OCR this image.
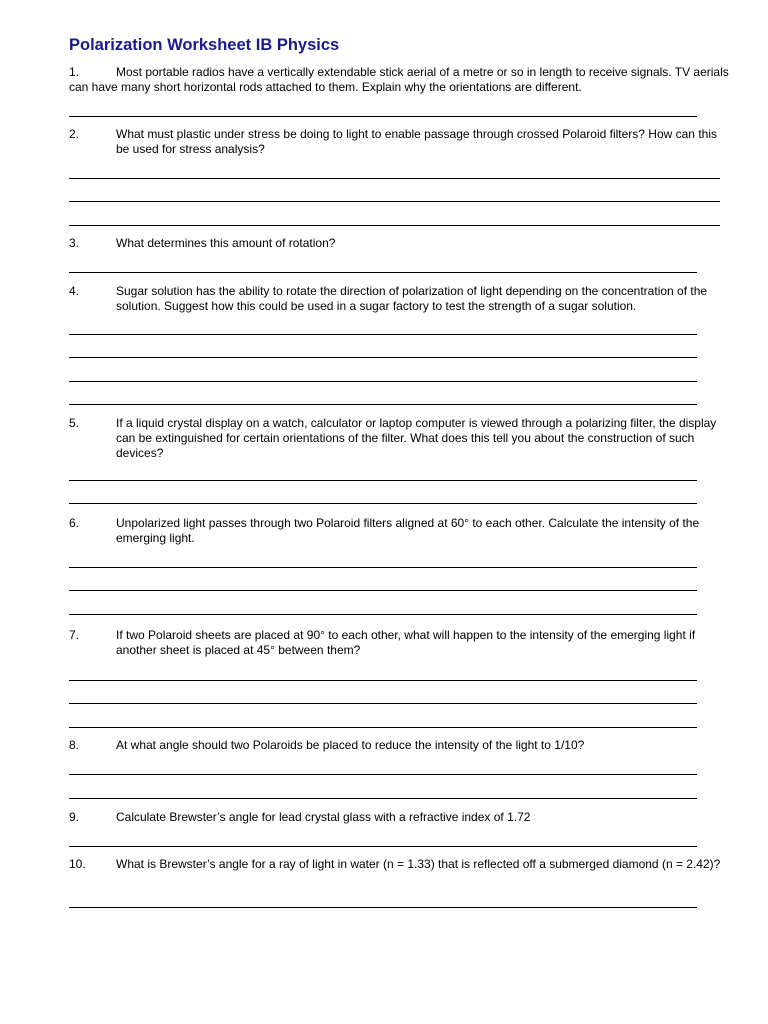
Polarization Worksheet IB Physics

1.	Most portable radios have a vertically extendable stick aerial of a metre or so in length to receive signals. TV aerials can have many short horizontal rods attached to them. Explain why the orientations are different.

2.	What must plastic under stress be doing to light to enable passage through crossed Polaroid filters? How can this be used for stress analysis?

3.	What determines this amount of rotation?

4.	Sugar solution has the ability to rotate the direction of polarization of light depending on the concentration of the solution. Suggest how this could be used in a sugar factory to test the strength of a sugar solution.

5.	If a liquid crystal display on a watch, calculator or laptop computer is viewed through a polarizing filter, the display can be extinguished for certain orientations of the filter. What does this tell you about the construction of such devices?

6.	Unpolarized light passes through two Polaroid filters aligned at 60° to each other. Calculate the intensity of the emerging light.

7.	If two Polaroid sheets are placed at 90° to each other, what will happen to the intensity of the emerging light if another sheet is placed at 45° between them?

8.	At what angle should two Polaroids be placed to reduce the intensity of the light to 1/10?

9.	Calculate Brewster’s angle for lead crystal glass with a refractive index of 1.72

10.	What is Brewster’s angle for a ray of light in water (n = 1.33) that is reflected off a submerged diamond (n = 2.42)?
